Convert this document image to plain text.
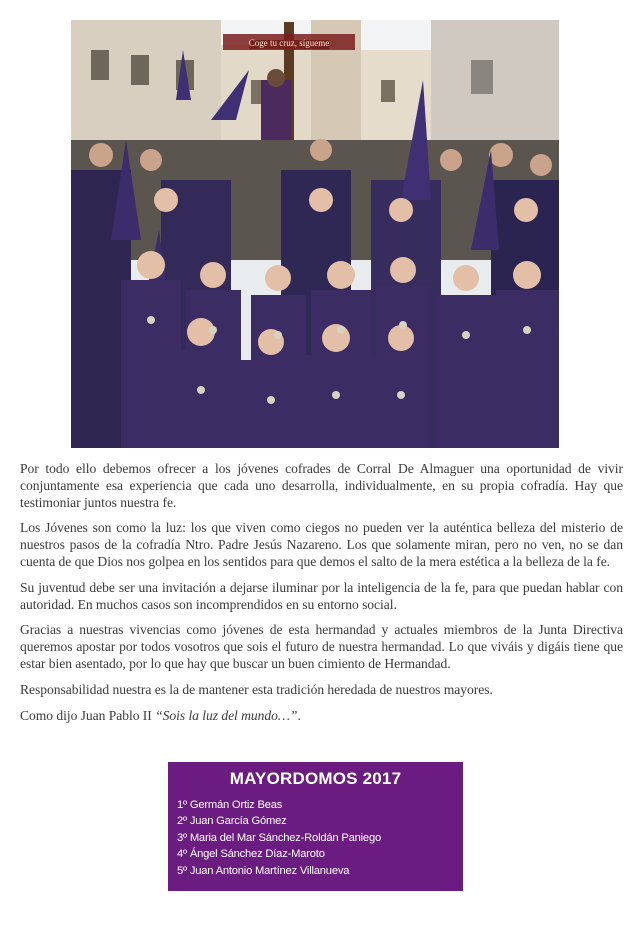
Coge tu cruz, sígueme

Por todo ello debemos ofrecer a los jóvenes cofrades de Corral De Almaguer una oportunidad de vivir conjuntamente esa experiencia que cada uno desarrolla, individualmente, en su propia cofradía. Hay que testimoniar juntos nuestra fe.

Los Jóvenes son como la luz: los que viven como ciegos no pueden ver la auténtica belleza del misterio de nuestros pasos de la cofradía Ntro. Padre Jesús Nazareno. Los que solamente miran, pero no ven, no se dan cuenta de que Dios nos golpea en los sentidos para que demos el salto de la mera estética a la belleza de la fe.

Su juventud debe ser una invitación a dejarse iluminar por la inteligencia de la fe, para que puedan hablar con autoridad. En muchos casos son incomprendidos en su entorno social.

Gracias a nuestras vivencias como jóvenes de esta hermandad y actuales miembros de la Junta Directiva queremos apostar por todos vosotros que sois el futuro de nuestra hermandad. Lo que viváis y digáis tiene que estar bien asentado, por lo que hay que buscar un buen cimiento de Hermandad.

Responsabilidad nuestra es la de mantener esta tradición heredada de nuestros mayores.

Como dijo Juan Pablo II “Sois la luz del mundo…”.

MAYORDOMOS 2017
1º Germán Ortiz Beas
2º Juan García Gómez
3º Maria del Mar Sánchez-Roldán Paniego
4º Ángel Sánchez Díaz-Maroto
5º Juan Antonio Martínez Villanueva
